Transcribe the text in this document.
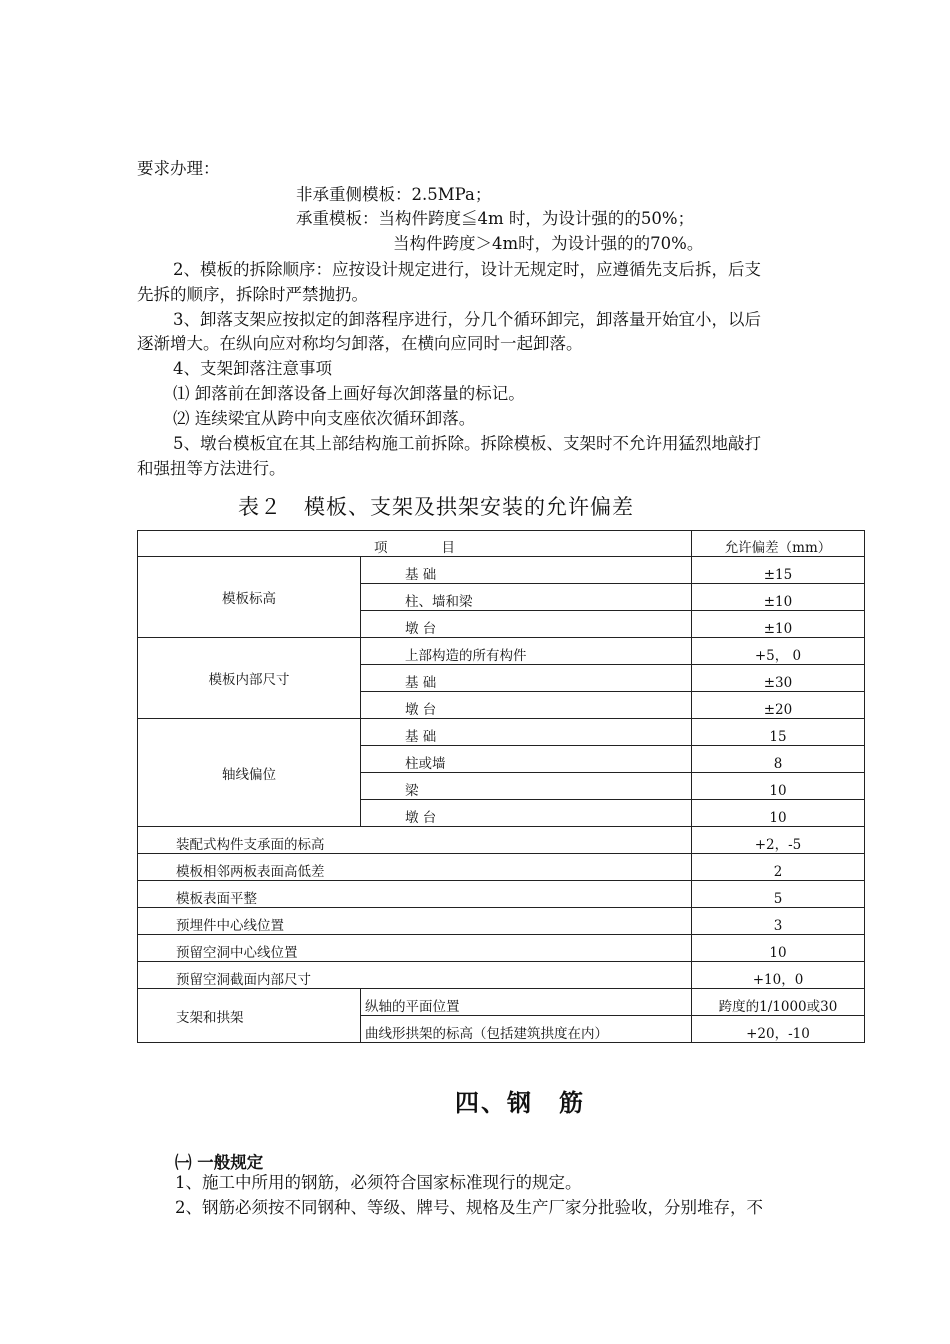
要求办理：
非承重侧模板：2.5MPa；
承重模板：当构件跨度≦4m 时，为设计强的的50%；
当构件跨度＞4m时，为设计强的的70%。
2、模板的拆除顺序：应按设计规定进行，设计无规定时，应遵循先支后拆，后支
先拆的顺序，拆除时严禁抛扔。
3、卸落支架应按拟定的卸落程序进行，分几个循环卸完，卸落量开始宜小，以后
逐渐增大。在纵向应对称均匀卸落，在横向应同时一起卸落。
4、支架卸落注意事项
⑴ 卸落前在卸落设备上画好每次卸落量的标记。
⑵ 连续梁宜从跨中向支座依次循环卸落。
5、墩台模板宜在其上部结构施工前拆除。拆除模板、支架时不允许用猛烈地敲打
和强扭等方法进行。
表２　模板、支架及拱架安装的允许偏差
项　　　　目		允许偏差（mm）
模板标高	基 础	±15
	柱、墙和梁	±10
	墩 台	±10
模板内部尺寸	上部构造的所有构件	+5， 0
	基 础	±30
	墩 台	±20
轴线偏位	基 础	15
	柱或墙	8
	梁	10
	墩 台	10
装配式构件支承面的标高		+2，-5
模板相邻两板表面高低差		2
模板表面平整		5
预埋件中心线位置		3
预留空洞中心线位置		10
预留空洞截面内部尺寸		+10，0
支架和拱架	纵轴的平面位置	跨度的1/1000或30
	曲线形拱架的标高（包括建筑拱度在内）	+20，-10
四、钢　筋
㈠ 一般规定
1、施工中所用的钢筋，必须符合国家标准现行的规定。
2、钢筋必须按不同钢种、等级、牌号、规格及生产厂家分批验收，分别堆存，不
